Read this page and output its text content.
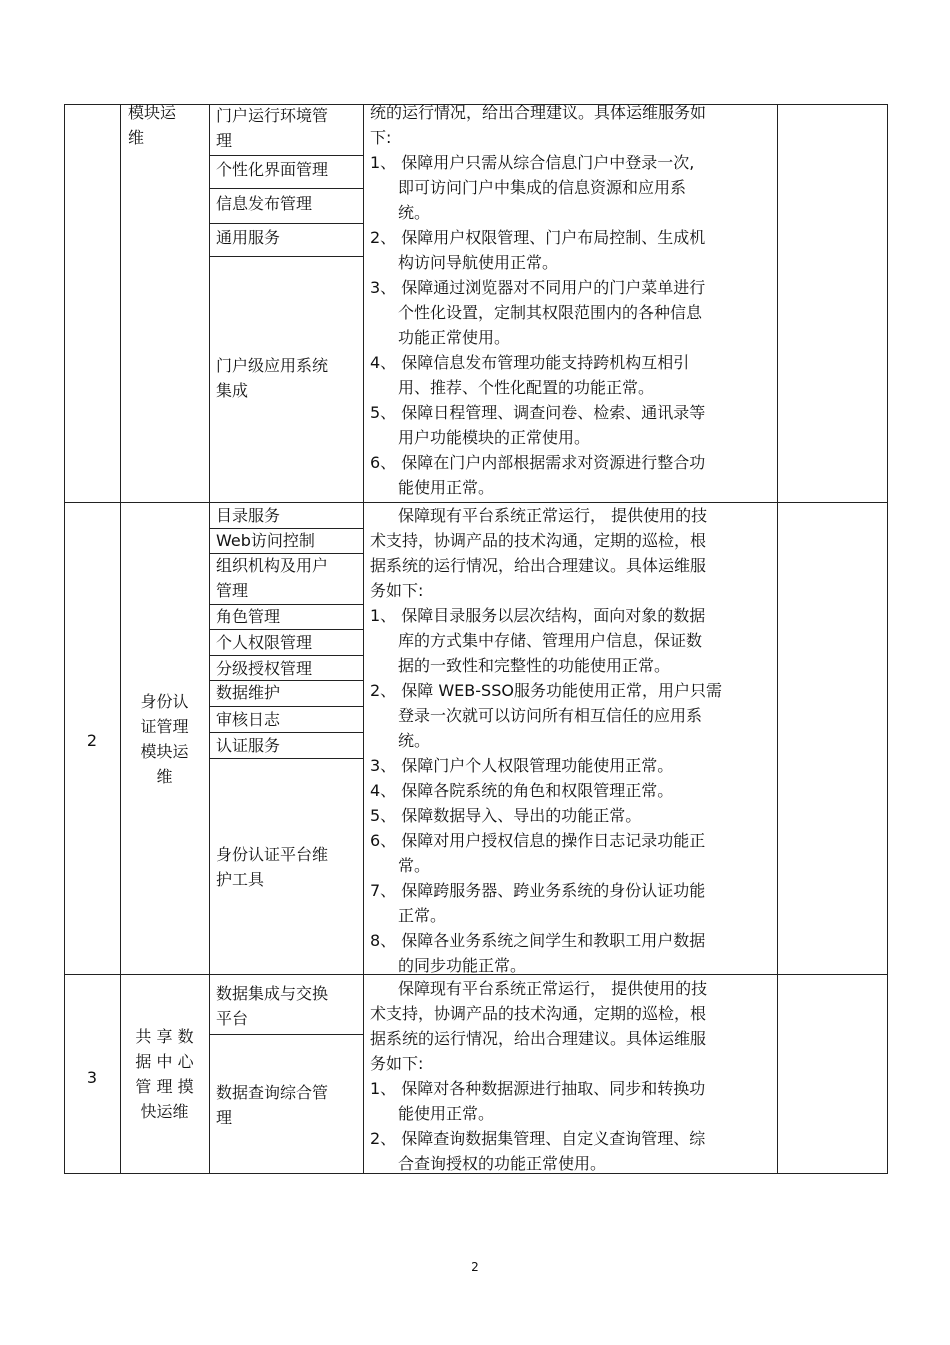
模块运
维
门户运行环境管
理
个性化界面管理
信息发布管理
通用服务
门户级应用系统
集成
统的运行情况，给出合理建议。具体运维服务如
下:
1、 保障用户只需从综合信息门户中登录一次,
即可访问门户中集成的信息资源和应用系
统。
2、 保障用户权限管理、门户布局控制、生成机
构访问导航使用正常。
3、 保障通过浏览器对不同用户的门户菜单进行
个性化设置，定制其权限范围内的各种信息
功能正常使用。
4、 保障信息发布管理功能支持跨机构互相引
用、推荐、个性化配置的功能正常。
5、 保障日程管理、调查问卷、检索、通讯录等
用户功能模块的正常使用。
6、 保障在门户内部根据需求对资源进行整合功
能使用正常。
2
身份认
证管理
模块运
维
目录服务
Web访问控制
组织机构及用户
管理
角色管理
个人权限管理
分级授权管理
数据维护
审核日志
认证服务
身份认证平台维
护工具
保障现有平台系统正常运行， 提供使用的技
术支持，协调产品的技术沟通，定期的巡检，根
据系统的运行情况，给出合理建议。具体运维服
务如下:
1、 保障目录服务以层次结构，面向对象的数据
库的方式集中存储、管理用户信息，保证数
据的一致性和完整性的功能使用正常。
2、 保障 WEB-SSO服务功能使用正常，用户只需
登录一次就可以访问所有相互信任的应用系
统。
3、 保障门户个人权限管理功能使用正常。
4、 保障各院系统的角色和权限管理正常。
5、 保障数据导入、导出的功能正常。
6、 保障对用户授权信息的操作日志记录功能正
常。
7、 保障跨服务器、跨业务系统的身份认证功能
正常。
8、 保障各业务系统之间学生和教职工用户数据
的同步功能正常。
3
共 享 数
据 中 心
管 理 摸
快运维
数据集成与交换
平台
数据查询综合管
理
保障现有平台系统正常运行， 提供使用的技
术支持，协调产品的技术沟通，定期的巡检，根
据系统的运行情况，给出合理建议。具体运维服
务如下:
1、 保障对各种数据源进行抽取、同步和转换功
能使用正常。
2、 保障查询数据集管理、自定义查询管理、综
合查询授权的功能正常使用。
2
